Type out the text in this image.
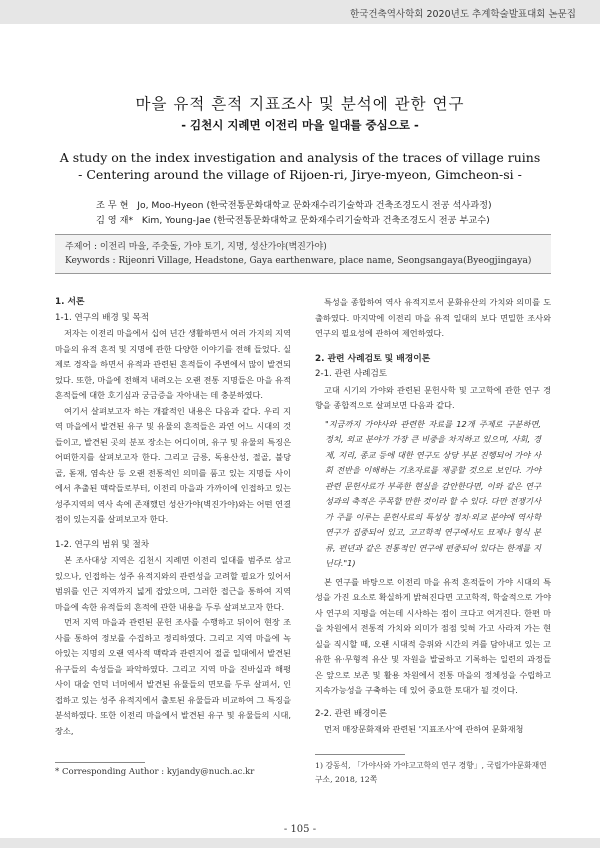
한국건축역사학회 2020년도 추계학술발표대회 논문집
마을 유적 흔적 지표조사 및 분석에 관한 연구
- 김천시 지례면 이전리 마을 일대를 중심으로 -
A study on the index investigation and analysis of the traces of village ruins
- Centering around the village of Rijoen-ri, Jirye-myeon, Gimcheon-si -
조 무 현 Jo, Moo-Hyeon (한국전통문화대학교 문화재수리기술학과 건축조경도시 전공 석사과정)
김 영 재* Kim, Young-Jae (한국전통문화대학교 문화재수리기술학과 건축조경도시 전공 부교수)
주제어 : 이전리 마을, 주춧돌, 가야 토기, 지명, 성산가야(벽진가야)
Keywords : Rijeonri Village, Headstone, Gaya earthenware, place name, Seongsangaya(Byeogjingaya)

1. 서론

1-1. 연구의 배경 및 목적

저자는 이전리 마을에서 십여 년간 생활하면서 여러 가지의 지역 마을의 유적 흔적 및 지명에 관한 다양한 이야기를 전해 들었다. 실제로 경작을 하면서 유적과 관련된 흔적들이 주변에서 많이 발견되었다. 또한, 마을에 전해져 내려오는 오랜 전통 지명들은 마을 유적 흔적들에 대한 호기심과 궁금증을 자아내는 데 충분하였다.

여기서 살펴보고자 하는 개괄적인 내용은 다음과 같다. 우리 지역 마을에서 발견된 유구 및 유물의 흔적들은 과연 어느 시대의 것들이고, 발견된 곳의 분포 장소는 어디이며, 유구 및 유물의 특징은 어떠한지를 살펴보고자 한다. 그리고 금릉, 독용산성, 절골, 불당골, 돋재, 염속산 등 오랜 전통적인 의미를 품고 있는 지명들 사이에서 추출된 맥락들로부터, 이전리 마을과 가까이에 인접하고 있는 성주지역의 역사 속에 존재했던 성산가야(벽진가야)와는 어떤 연결점이 있는지를 살펴보고자 한다.

1-2. 연구의 범위 및 절차

본 조사대상 지역은 김천시 지례면 이전리 일대를 범주로 삼고 있으나, 인접하는 성주 유적지와의 관련성을 고려할 필요가 있어서 범위를 인근 지역까지 넓게 잡았으며, 그러한 접근을 통하여 지역 마을에 속한 유적들의 흔적에 관한 내용을 두루 살펴보고자 한다.

먼저 지역 마을과 관련된 문헌 조사를 수행하고 뒤이어 현장 조사를 통하여 정보를 수집하고 정리하였다. 그리고 지역 마을에 녹아있는 지명의 오랜 역사적 맥락과 관련지어 절골 일대에서 발견된 유구들의 속성들을 파악하였다. 그리고 지역 마을 진바실과 해평 사이 대술 언덕 너머에서 발견된 유물들의 면모를 두루 살펴서, 인접하고 있는 성주 유적지에서 출토된 유물들과 비교하여 그 특징을 분석하였다. 또한 이전리 마을에서 발견된 유구 및 유물들의 시대, 장소,

특성을 종합하여 역사 유적지로서 문화유산의 가치와 의미를 도출하였다. 마지막에 이전리 마을 유적 일대의 보다 면밀한 조사와 연구의 필요성에 관하여 제언하였다.

2. 관련 사례검토 및 배경이론

2-1. 관련 사례검토

고대 시기의 가야와 관련된 문헌사학 및 고고학에 관한 연구 경향을 종합적으로 살펴보면 다음과 같다.

"지금까지 가야사와 관련한 자료를 12개 주제로 구분하면, 정치, 외교 분야가 가장 큰 비중을 차지하고 있으며, 사회, 경제, 지리, 종교 등에 대한 연구도 상당 부분 진행되어 가야 사회 전반을 이해하는 기초자료를 제공할 것으로 보인다. 가야 관련 문헌사료가 부족한 현실을 감안한다면, 이와 같은 연구성과의 축적은 주목할 만한 것이라 할 수 있다. 다만 전쟁기사가 주를 이루는 문헌사료의 특성상 정치·외교 분야에 역사학 연구가 집중되어 있고, 고고학적 연구에서도 묘제나 형식 분류, 편년과 같은 전통적인 연구에 편중되어 있다는 한계를 지닌다."1)

본 연구를 바탕으로 이전리 마을 유적 흔적들이 가야 시대의 특성을 가진 요소로 확실하게 밝혀진다면 고고학적, 학술적으로 가야사 연구의 지평을 여는데 시사하는 점이 크다고 여겨진다. 한편 마을 차원에서 전통적 가치와 의미가 점점 잊혀 가고 사라져 가는 현실을 직시할 때, 오랜 시대적 층위와 시간의 켜를 담아내고 있는 고유한 유·무형적 유산 및 자원을 발굴하고 기록하는 일련의 과정들은 앞으로 보존 및 활용 차원에서 전통 마을의 정체성을 수립하고 지속가능성을 구축하는 데 있어 중요한 토대가 될 것이다.

2-2. 관련 배경이론

먼저 매장문화재와 관련된 '지표조사'에 관하여 문화재청

* Corresponding Author : kyjandy@nuch.ac.kr
1) 강동석, 「가야사와 가야고고학의 연구 경향」, 국립가야문화재연구소, 2018, 12쪽
- 105 -
